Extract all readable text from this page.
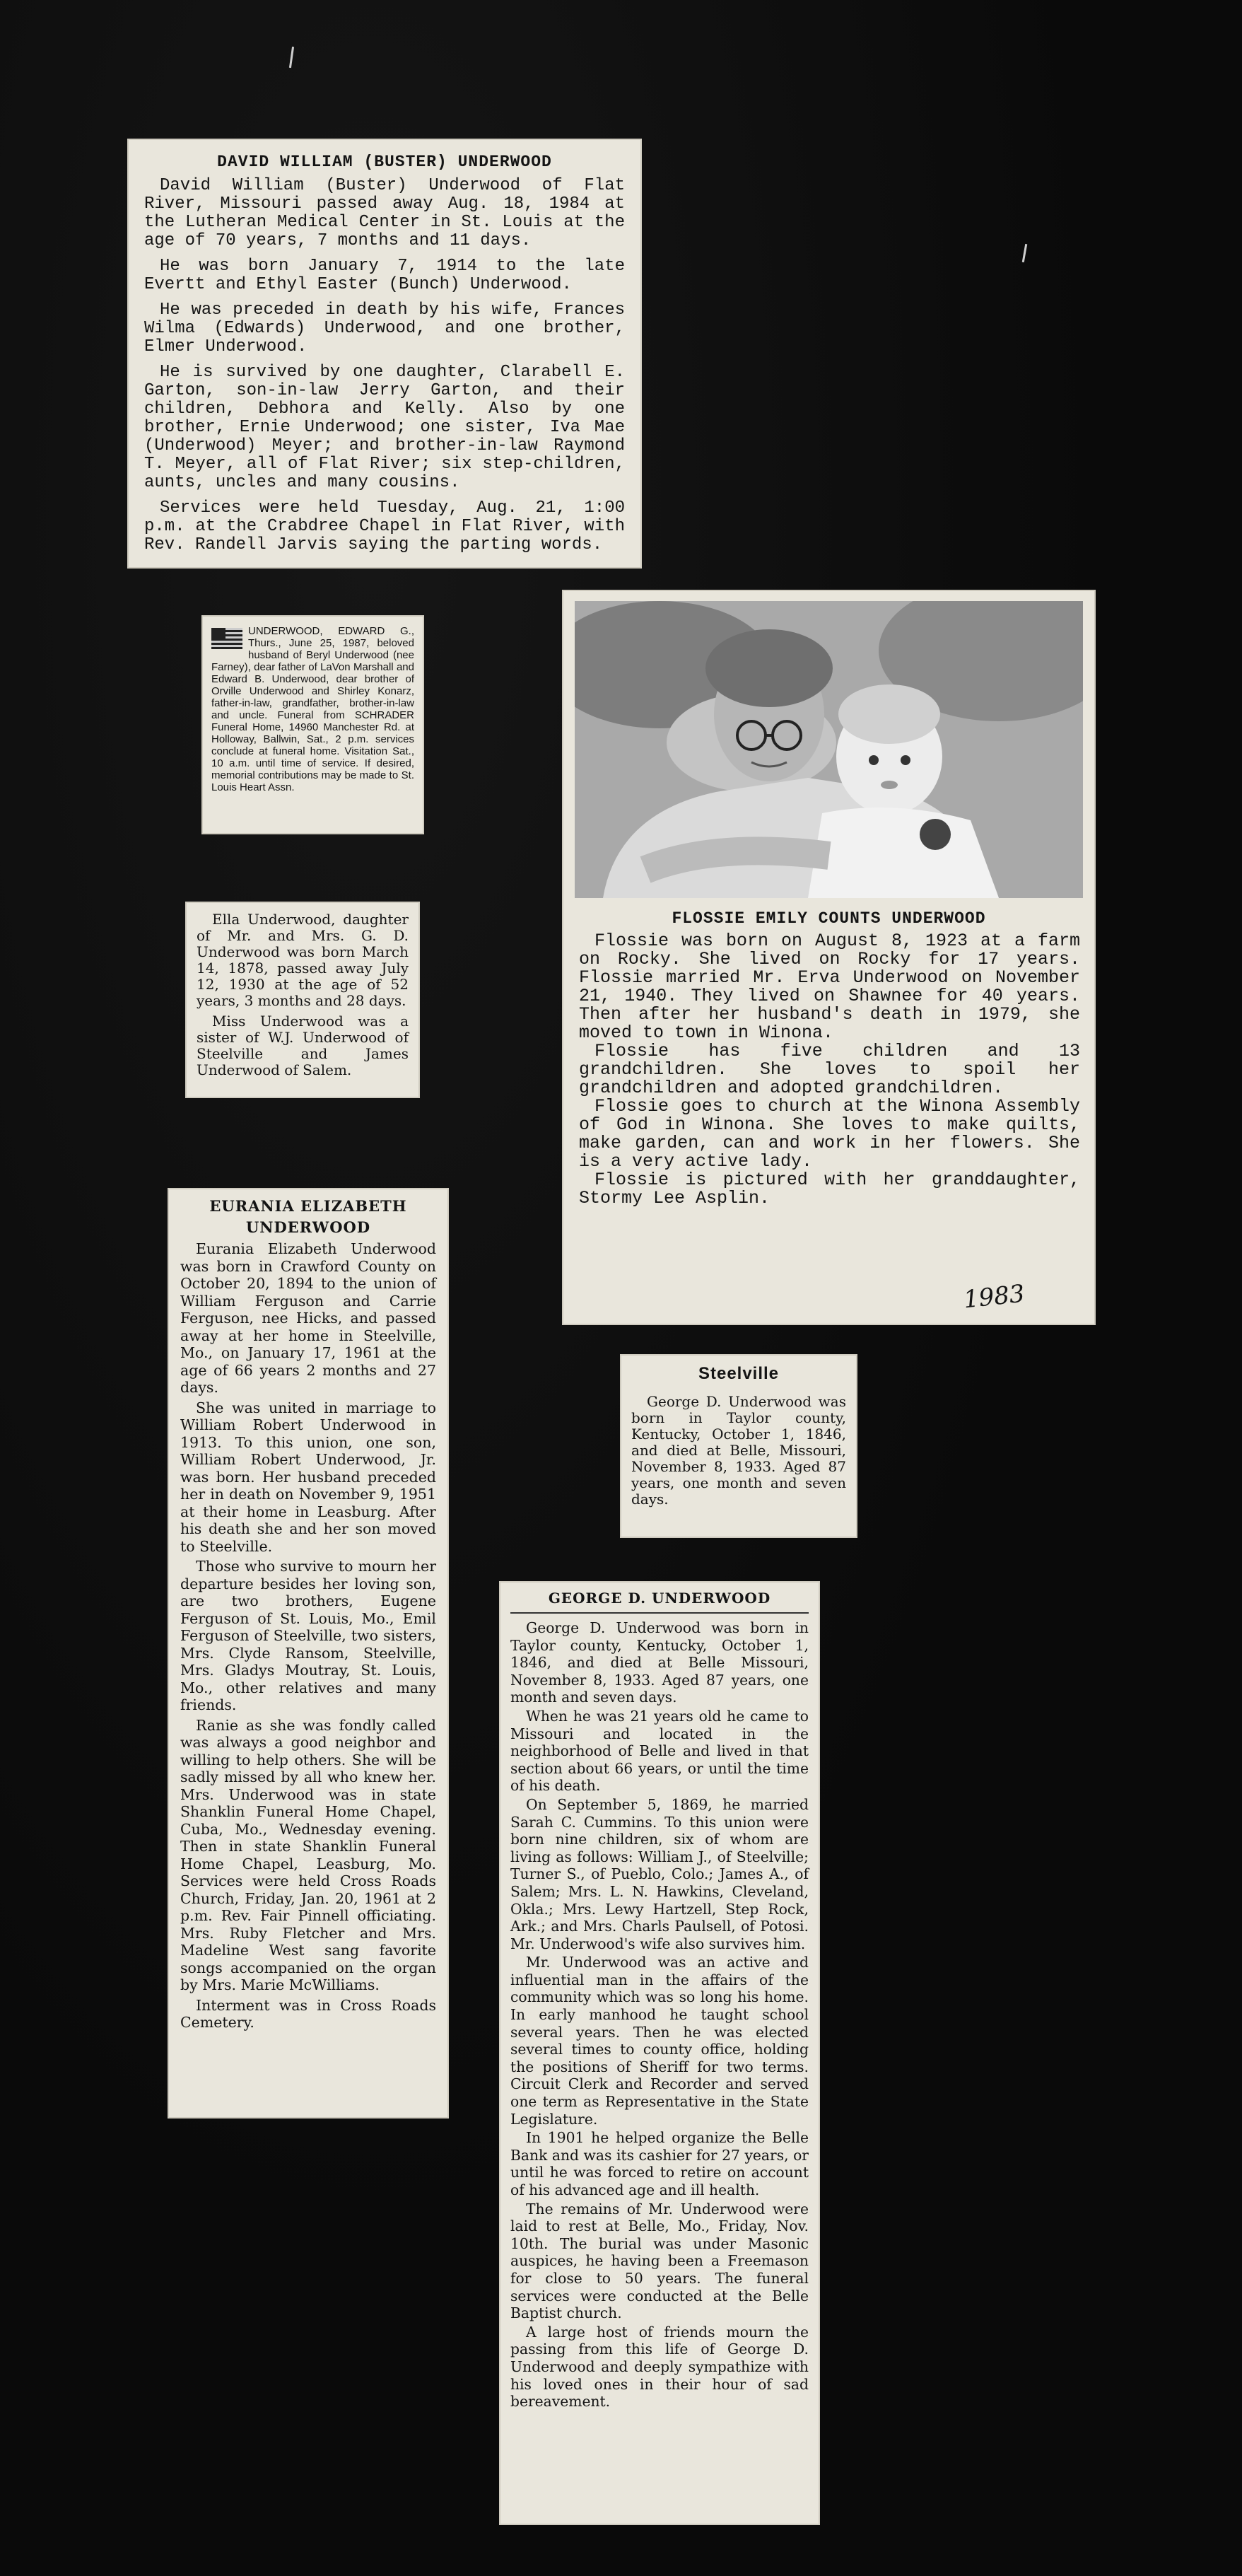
DAVID WILLIAM (BUSTER) UNDERWOOD

David William (Buster) Underwood of Flat River, Missouri passed away Aug. 18, 1984 at the Lutheran Medical Center in St. Louis at the age of 70 years, 7 months and 11 days.

He was born January 7, 1914 to the late Evertt and Ethyl Easter (Bunch) Underwood.

He was preceded in death by his wife, Frances Wilma (Edwards) Underwood, and one brother, Elmer Underwood.

He is survived by one daughter, Clarabell E. Garton, son-in-law Jerry Garton, and their children, Debhora and Kelly. Also by one brother, Ernie Underwood; one sister, Iva Mae (Underwood) Meyer; and brother-in-law Raymond T. Meyer, all of Flat River; six step-children, aunts, uncles and many cousins.

Services were held Tuesday, Aug. 21, 1:00 p.m. at the Crabdree Chapel in Flat River, with Rev. Randell Jarvis saying the parting words.

UNDERWOOD, EDWARD G., Thurs., June 25, 1987, beloved husband of Beryl Underwood (nee Farney), dear father of LaVon Marshall and Edward B. Underwood, dear brother of Orville Underwood and Shirley Konarz, father-in-law, grandfather, brother-in-law and uncle. Funeral from SCHRADER Funeral Home, 14960 Manchester Rd. at Holloway, Ballwin, Sat., 2 p.m. services conclude at funeral home. Visitation Sat., 10 a.m. until time of service. If desired, memorial contributions may be made to St. Louis Heart Assn.

Ella Underwood, daughter of Mr. and Mrs. G. D. Underwood was born March 14, 1878, passed away July 12, 1930 at the age of 52 years, 3 months and 28 days.

Miss Underwood was a sister of W.J. Underwood of Steelville and James Underwood of Salem.

FLOSSIE EMILY COUNTS UNDERWOOD

Flossie was born on August 8, 1923 at a farm on Rocky. She lived on Rocky for 17 years. Flossie married Mr. Erva Underwood on November 21, 1940. They lived on Shawnee for 40 years. Then after her husband's death in 1979, she moved to town in Winona.

Flossie has five children and 13 grandchildren. She loves to spoil her grandchildren and adopted grandchildren.

Flossie goes to church at the Winona Assembly of God in Winona. She loves to make quilts, make garden, can and work in her flowers. She is a very active lady.

Flossie is pictured with her granddaughter, Stormy Lee Asplin.

1983
EURANIA ELIZABETH
UNDERWOOD

Eurania Elizabeth Underwood was born in Crawford County on October 20, 1894 to the union of William Ferguson and Carrie Ferguson, nee Hicks, and passed away at her home in Steelville, Mo., on January 17, 1961 at the age of 66 years 2 months and 27 days.

She was united in marriage to William Robert Underwood in 1913. To this union, one son, William Robert Underwood, Jr. was born. Her husband preceded her in death on November 9, 1951 at their home in Leasburg. After his death she and her son moved to Steelville.

Those who survive to mourn her departure besides her loving son, are two brothers, Eugene Ferguson of St. Louis, Mo., Emil Ferguson of Steelville, two sisters, Mrs. Clyde Ransom, Steelville, Mrs. Gladys Moutray, St. Louis, Mo., other relatives and many friends.

Ranie as she was fondly called was always a good neighbor and willing to help others. She will be sadly missed by all who knew her. Mrs. Underwood was in state Shanklin Funeral Home Chapel, Cuba, Mo., Wednesday evening. Then in state Shanklin Funeral Home Chapel, Leasburg, Mo. Services were held Cross Roads Church, Friday, Jan. 20, 1961 at 2 p.m. Rev. Fair Pinnell officiating. Mrs. Ruby Fletcher and Mrs. Madeline West sang favorite songs accompanied on the organ by Mrs. Marie McWilliams.

Interment was in Cross Roads Cemetery.

Steelville

George D. Underwood was born in Taylor county, Kentucky, October 1, 1846, and died at Belle, Missouri, November 8, 1933. Aged 87 years, one month and seven days.

GEORGE D. UNDERWOOD

George D. Underwood was born in Taylor county, Kentucky, October 1, 1846, and died at Belle Missouri, November 8, 1933. Aged 87 years, one month and seven days.

When he was 21 years old he came to Missouri and located in the neighborhood of Belle and lived in that section about 66 years, or until the time of his death.

On September 5, 1869, he married Sarah C. Cummins. To this union were born nine children, six of whom are living as follows: William J., of Steelville; Turner S., of Pueblo, Colo.; James A., of Salem; Mrs. L. N. Hawkins, Cleveland, Okla.; Mrs. Lewy Hartzell, Step Rock, Ark.; and Mrs. Charls Paulsell, of Potosi. Mr. Underwood's wife also survives him.

Mr. Underwood was an active and influential man in the affairs of the community which was so long his home. In early manhood he taught school several years. Then he was elected several times to county office, holding the positions of Sheriff for two terms. Circuit Clerk and Recorder and served one term as Representative in the State Legislature.

In 1901 he helped organize the Belle Bank and was its cashier for 27 years, or until he was forced to retire on account of his advanced age and ill health.

The remains of Mr. Underwood were laid to rest at Belle, Mo., Friday, Nov. 10th. The burial was under Masonic auspices, he having been a Freemason for close to 50 years. The funeral services were conducted at the Belle Baptist church.

A large host of friends mourn the passing from this life of George D. Underwood and deeply sympathize with his loved ones in their hour of sad bereavement.
